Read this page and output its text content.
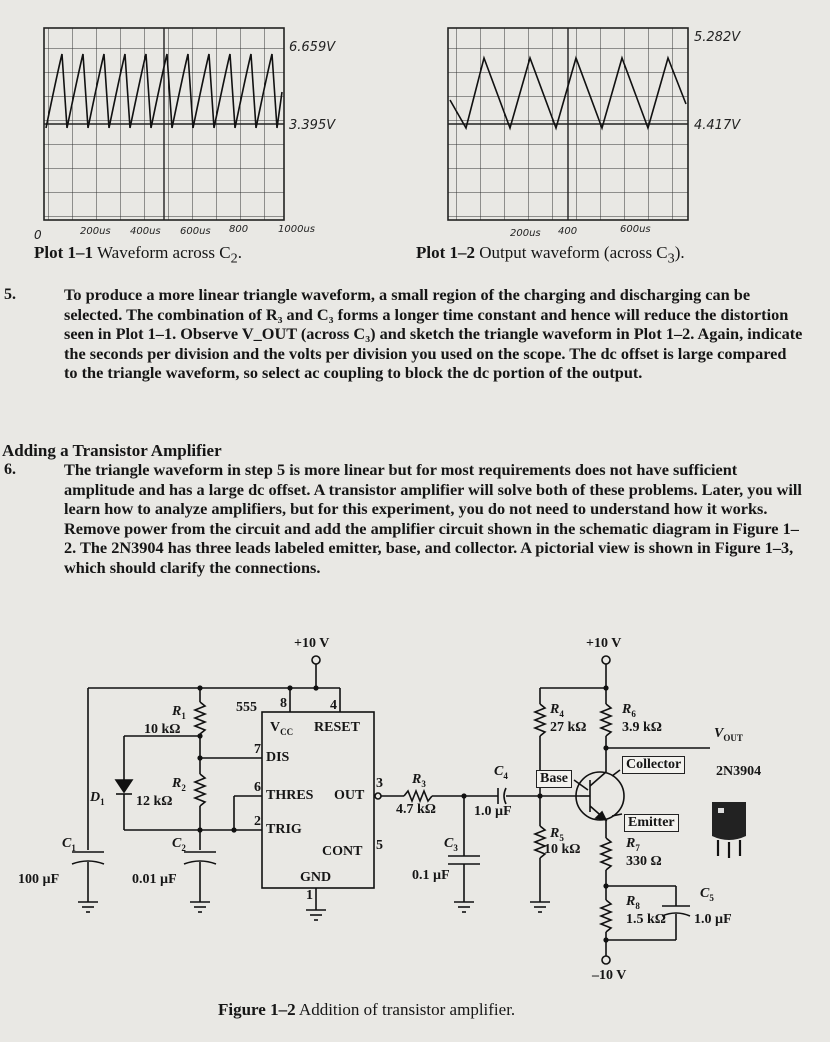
6.659V
3.395V
0	200us 400us 600us 800	1000us
5.282V
4.417V
200us 400	600us
Plot 1–1 Waveform across $C_2$.	Plot 1–2 Output waveform (across $C_3$).
5.	To produce a more linear triangle waveform, a small region of the charging and discharging can be selected. The combination of R₃ and C₃ forms a longer time constant and hence will reduce the distortion seen in Plot 1–1. Observe V_OUT (across C₃) and sketch the triangle waveform in Plot 1–2. Again, indicate the seconds per division and the volts per division you used on the scope. The dc offset is large compared to the triangle waveform, so select ac coupling to block the dc portion of the output.
Adding a Transistor Amplifier
6.	The triangle waveform in step 5 is more linear but for most requirements does not have sufficient amplitude and has a large dc offset. A transistor amplifier will solve both of these problems. Later, you will learn how to analyze amplifiers, but for this experiment, you do not need to understand how it works. Remove power from the circuit and add the amplifier circuit shown in the schematic diagram in Figure 1–2. The 2N3904 has three leads labeled emitter, base, and collector. A pictorial view is shown in Figure 1–3, which should clarify the connections.
+10 V	+10 V
–10 V
555 8	4
7
6
2
3
5
1
$V_{CC}$ RESET
DIS
THRES OUT
TRIG
CONT
GND
$R_1$
10 kΩ
$R_2$
12 kΩ
$D_1$
$C_1$
100 µF
$C_2$
0.01 µF
$R_3$
4.7 kΩ
$C_3$
0.1 µF
$C_4$
1.0 µF
$R_4$
27 kΩ
$R_5$
10 kΩ
$R_6$
3.9 kΩ
$R_7$
330 Ω
$R_8$
1.5 kΩ
$C_5$
1.0 µF
Base
Collector
Emitter
$V_{OUT}$
2N3904
Figure 1–2 Addition of transistor amplifier.
